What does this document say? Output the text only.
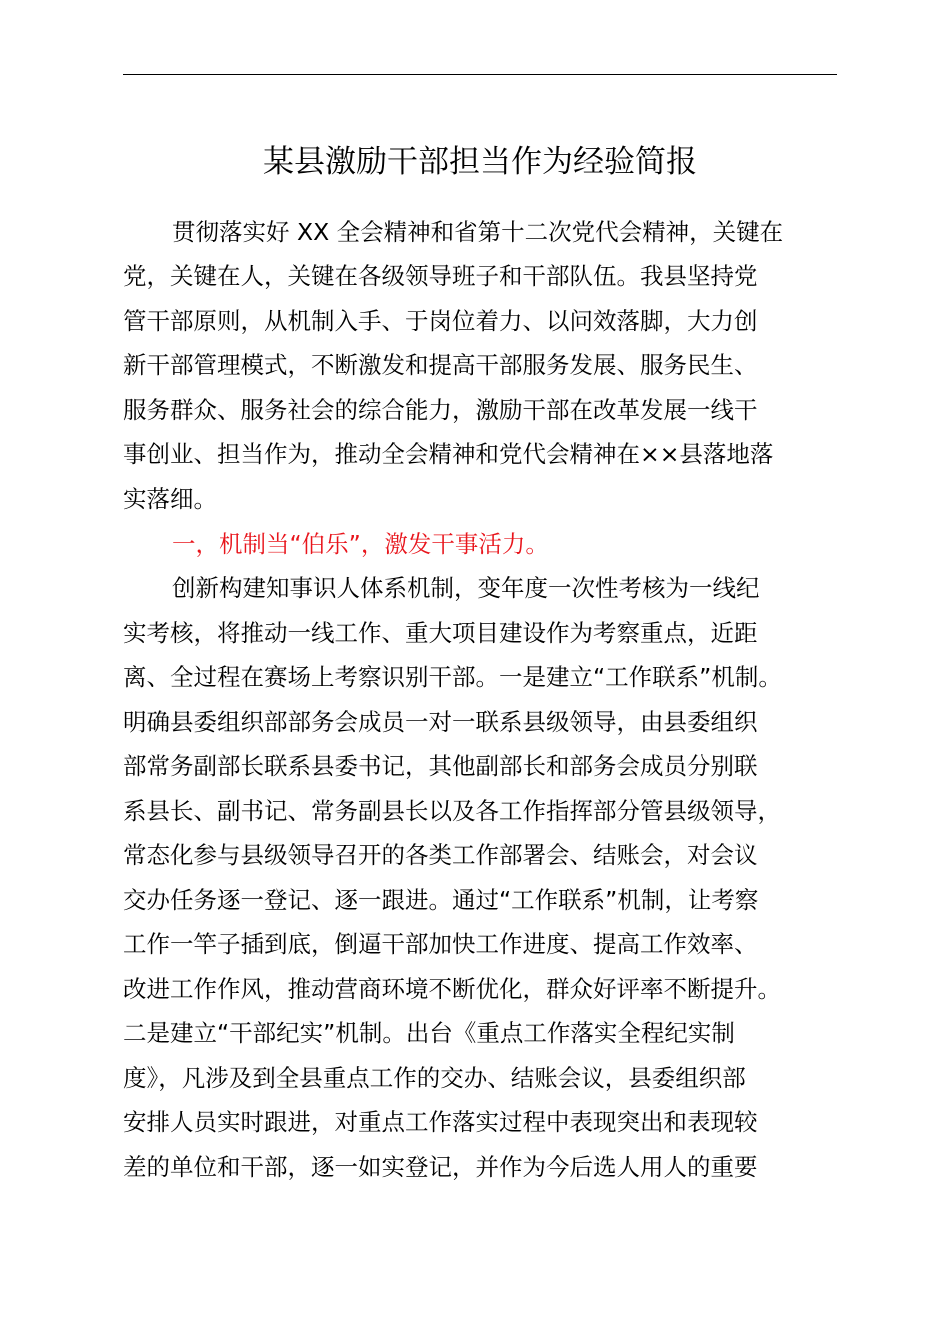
某县激励干部担当作为经验简报
贯彻落实好 XX 全会精神和省第十二次党代会精神，关键在
党，关键在人，关键在各级领导班子和干部队伍。我县坚持党
管干部原则，从机制入手、于岗位着力、以问效落脚，大力创
新干部管理模式，不断激发和提高干部服务发展、服务民生、
服务群众、服务社会的综合能力，激励干部在改革发展一线干
事创业、担当作为，推动全会精神和党代会精神在××县落地落
实落细。
一，机制当“伯乐”，激发干事活力。
创新构建知事识人体系机制，变年度一次性考核为一线纪
实考核，将推动一线工作、重大项目建设作为考察重点，近距
离、全过程在赛场上考察识别干部。一是建立“工作联系”机制。
明确县委组织部部务会成员一对一联系县级领导，由县委组织
部常务副部长联系县委书记，其他副部长和部务会成员分别联
系县长、副书记、常务副县长以及各工作指挥部分管县级领导，
常态化参与县级领导召开的各类工作部署会、结账会，对会议
交办任务逐一登记、逐一跟进。通过“工作联系”机制，让考察
工作一竿子插到底，倒逼干部加快工作进度、提高工作效率、
改进工作作风，推动营商环境不断优化，群众好评率不断提升。
二是建立“干部纪实”机制。出台《重点工作落实全程纪实制
度》，凡涉及到全县重点工作的交办、结账会议，县委组织部
安排人员实时跟进，对重点工作落实过程中表现突出和表现较
差的单位和干部，逐一如实登记，并作为今后选人用人的重要
